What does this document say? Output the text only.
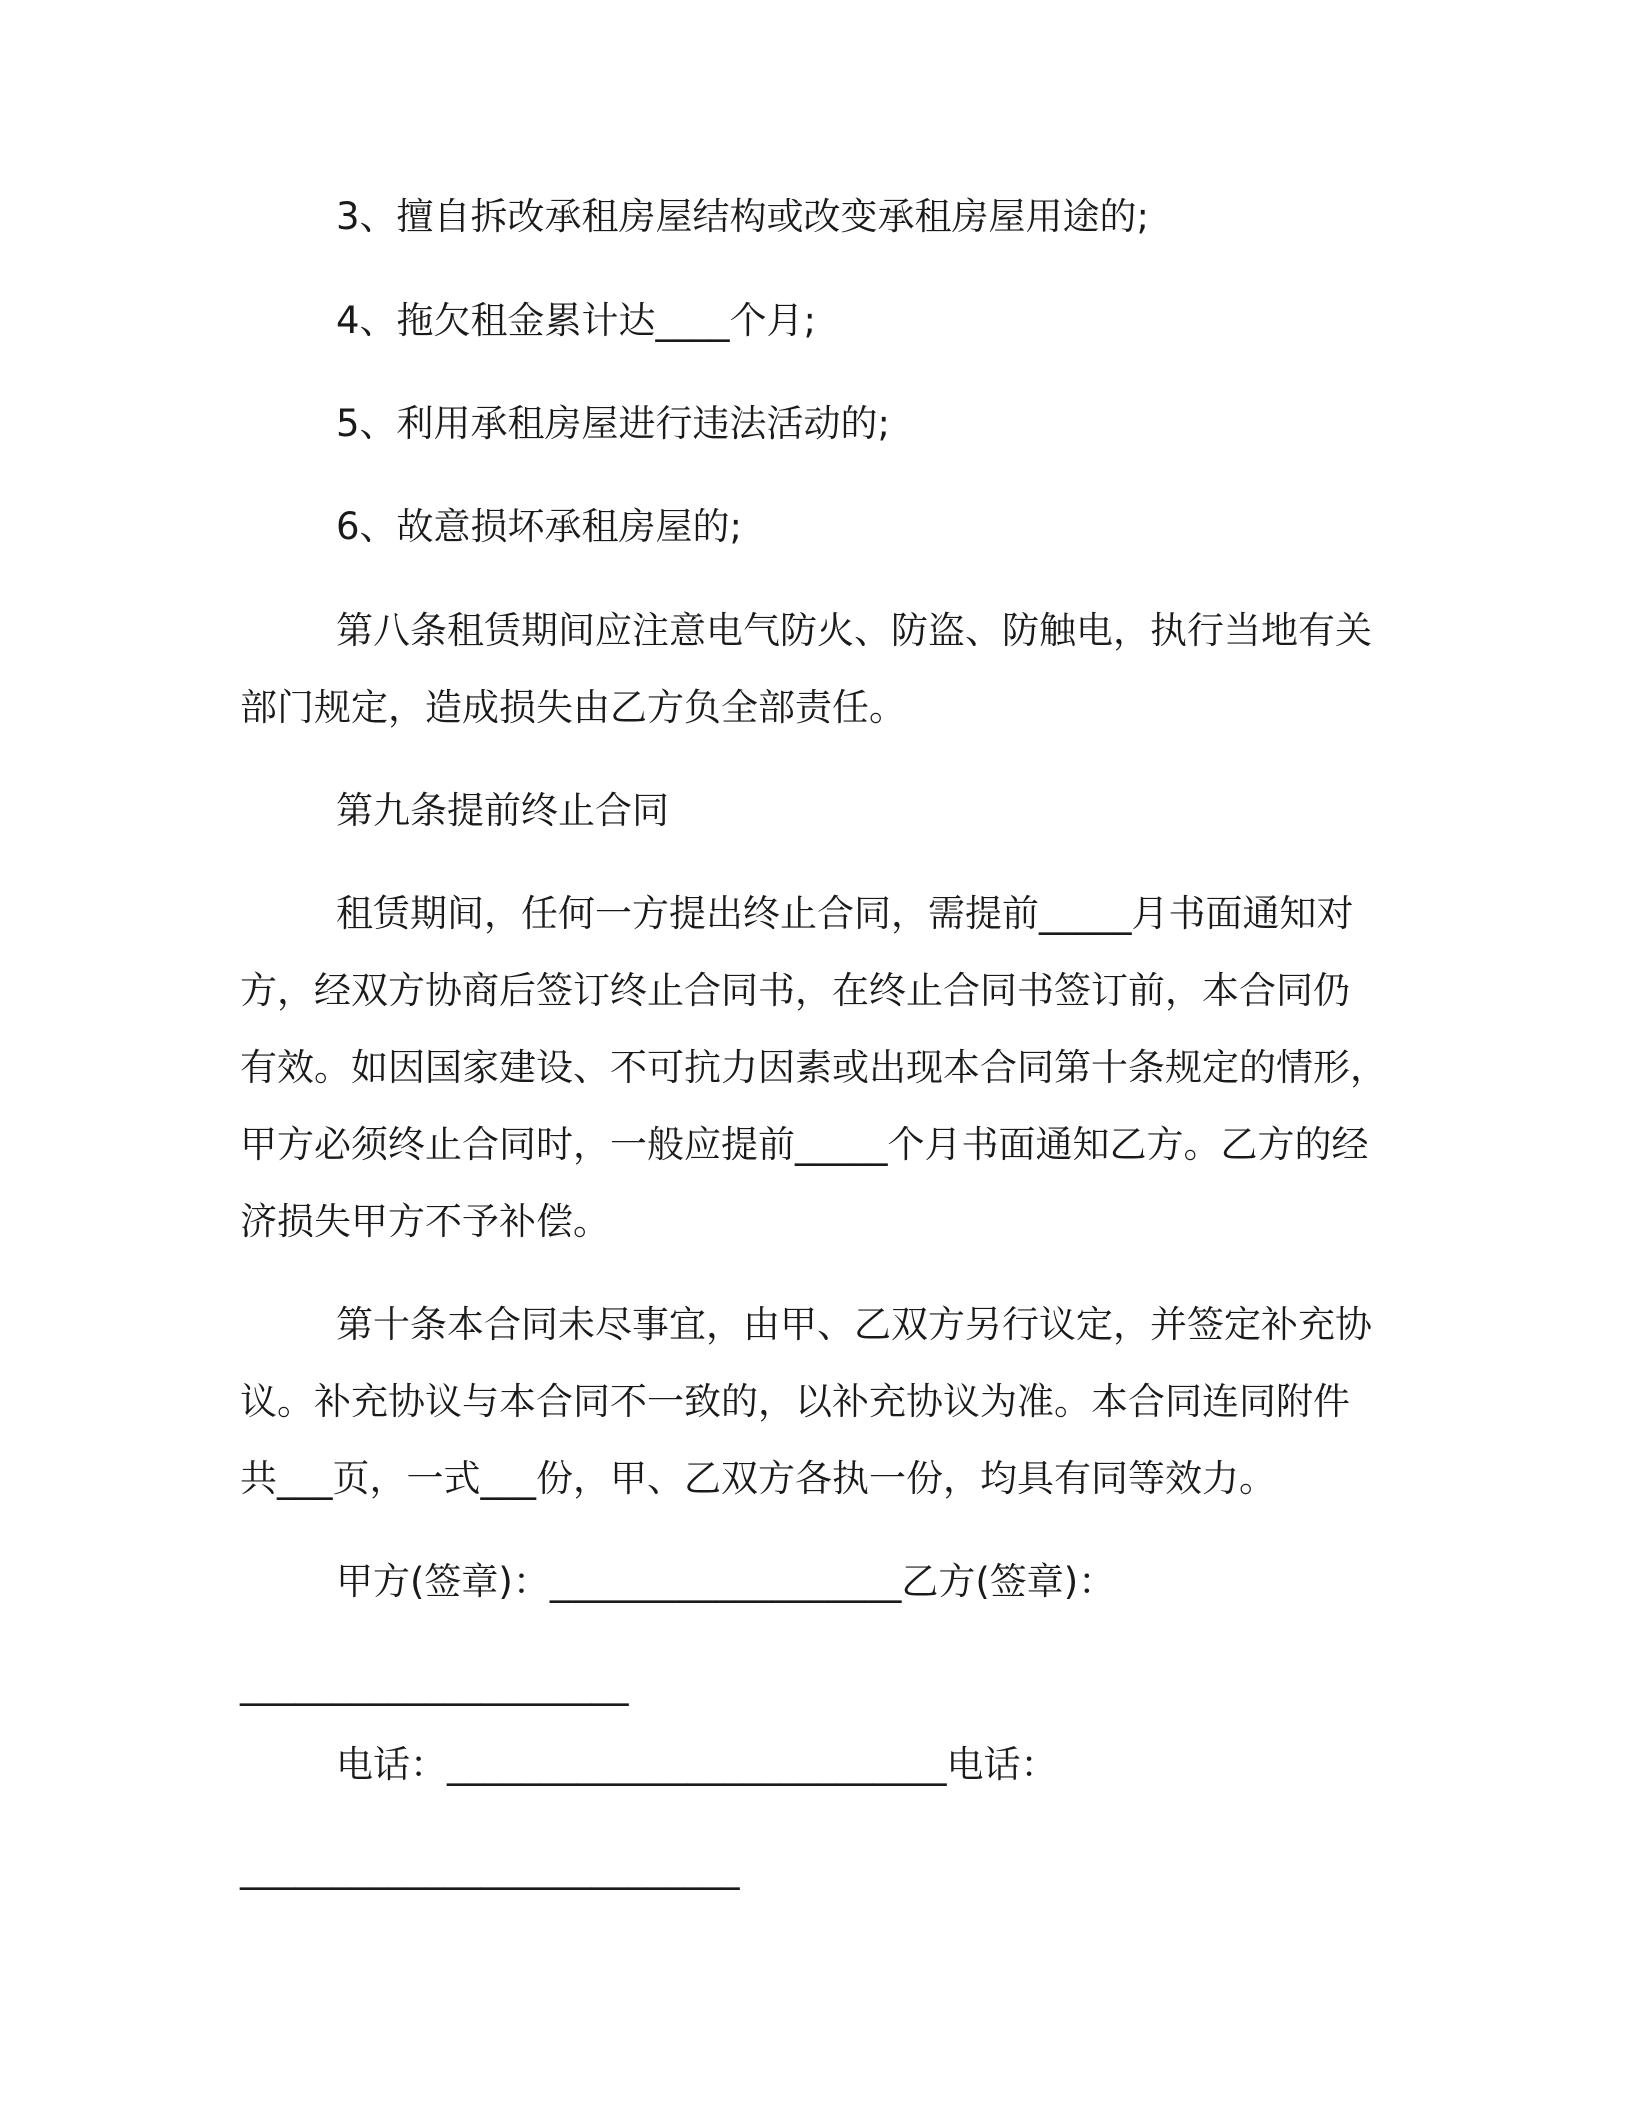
3、擅自拆改承租房屋结构或改变承租房屋用途的;

4、拖欠租金累计达____个月;

5、利用承租房屋进行违法活动的;

6、故意损坏承租房屋的;

第八条租赁期间应注意电气防火、防盗、防触电，执行当地有关
部门规定，造成损失由乙方负全部责任。

第九条提前终止合同

租赁期间，任何一方提出终止合同，需提前_____月书面通知对
方，经双方协商后签订终止合同书，在终止合同书签订前，本合同仍
有效。如因国家建设、不可抗力因素或出现本合同第十条规定的情形，
甲方必须终止合同时，一般应提前_____个月书面通知乙方。乙方的经
济损失甲方不予补偿。
第十条本合同未尽事宜，由甲、乙双方另行议定，并签定补充协
议。补充协议与本合同不一致的，以补充协议为准。本合同连同附件
共___页，一式___份，甲、乙双方各执一份，均具有同等效力。

甲方(签章)：___________________乙方(签章)：

_____________________

电话：___________________________电话：

___________________________
